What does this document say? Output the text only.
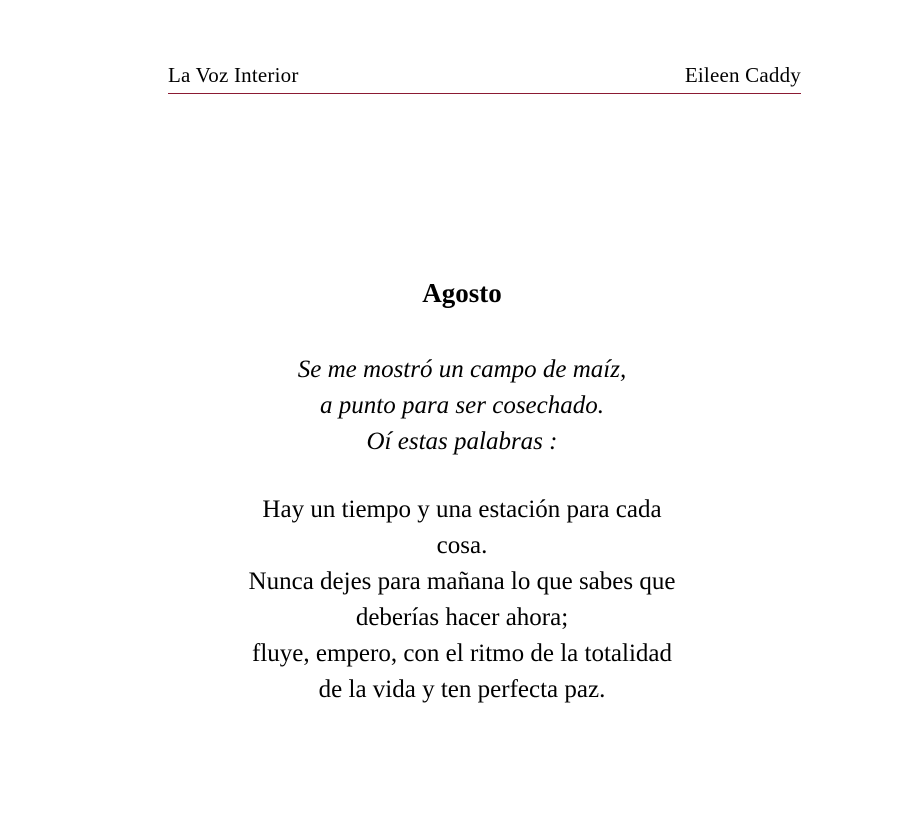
La Voz Interior	Eileen Caddy
Agosto
Se me mostró un campo de maíz,
a punto para ser cosechado.
Oí estas palabras :
Hay un tiempo y una estación para cada
cosa.
Nunca dejes para mañana lo que sabes que
deberías hacer ahora;
fluye, empero, con el ritmo de la totalidad
de la vida y ten perfecta paz.
